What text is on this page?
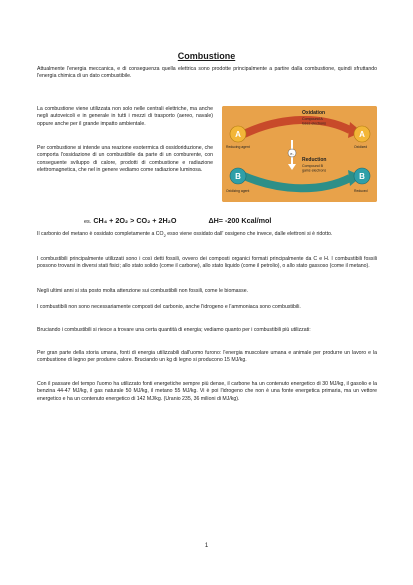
Combustione

Attualmente l'energia meccanica, e di conseguenza quella elettrica sono prodotte principalmente a partire dalla combustione, quindi sfruttando l'energia chimica di un dato combustibile.

La combustione viene utilizzata non solo nelle centrali elettriche, ma anche negli autoveicoli e in generale in tutti i mezzi di trasporto (aereo, navale) oppure anche per il grande impatto ambientale.

Per combustione si intende una reazione esotermica di ossidoriduzione, che comporta l'ossidazione di un combustibile da parte di un comburente, con conseguente sviluppo di calore, prodotti di combustione e radiazione elettromagnetica, che nel in genere vediamo come radiazione luminosa.

e-
A	A
B	B
Oxidation
Compound A
loses electrons
Reduction
Compound B
gains electrons
Reducing agent
Oxidizing agent
Oxidized
Reduced
es. CH₄ + 2O₂ > CO₂ + 2H₂O	ΔH= -200 Kcal/mol

Il carbonio del metano è ossidato completamente a $CO_2$ esso viene ossidato dall' ossigeno che invece, dalle elettroni si è ridotto.

I combustibili principalmente utilizzati sono i così detti fossili, ovvero dei composti organici formati principalmente da C e H. I combustibili fossili possono trovarsi in diversi stati fisici; allo stato solido (come il carbone), allo stato liquido (come il petrolio), o allo stato gassoso (come il metano).

Negli ultimi anni si sta posto molta attenzione sui combustibili non fossili, come le biomasse.

I combustibili non sono necessariamente composti del carbonio, anche l'idrogeno e l'ammoniaca sono combustibili.

Bruciando i combustibili si riesce a trovare una certa quantità di energia; vediamo quanto per i combustibili più utilizzati:

Per gran parte della storia umana, fonti di energia utilizzabili dall'uomo furono: l'energia muscolare umana e animale per produrre un lavoro e la combustione di legno per produrre calore. Bruciando un kg di legno si producono 15 MJ/kg.

Con il passare del tempo l'uomo ha utilizzato fonti energetiche sempre più dense, il carbone ha un contenuto energetico di 30 MJ/kg, il gasolio e la benzina 44-47 MJ/kg, il gas naturale 50 MJ/kg, il metano 55 MJ/kg. Vi è poi l'idrogeno che non è una fonte energetica primaria, ma un vettore energetico e ha un contenuto energetico di 142 MJ/kg. (Uranio 235, 36 milioni di MJ/kg).

1
